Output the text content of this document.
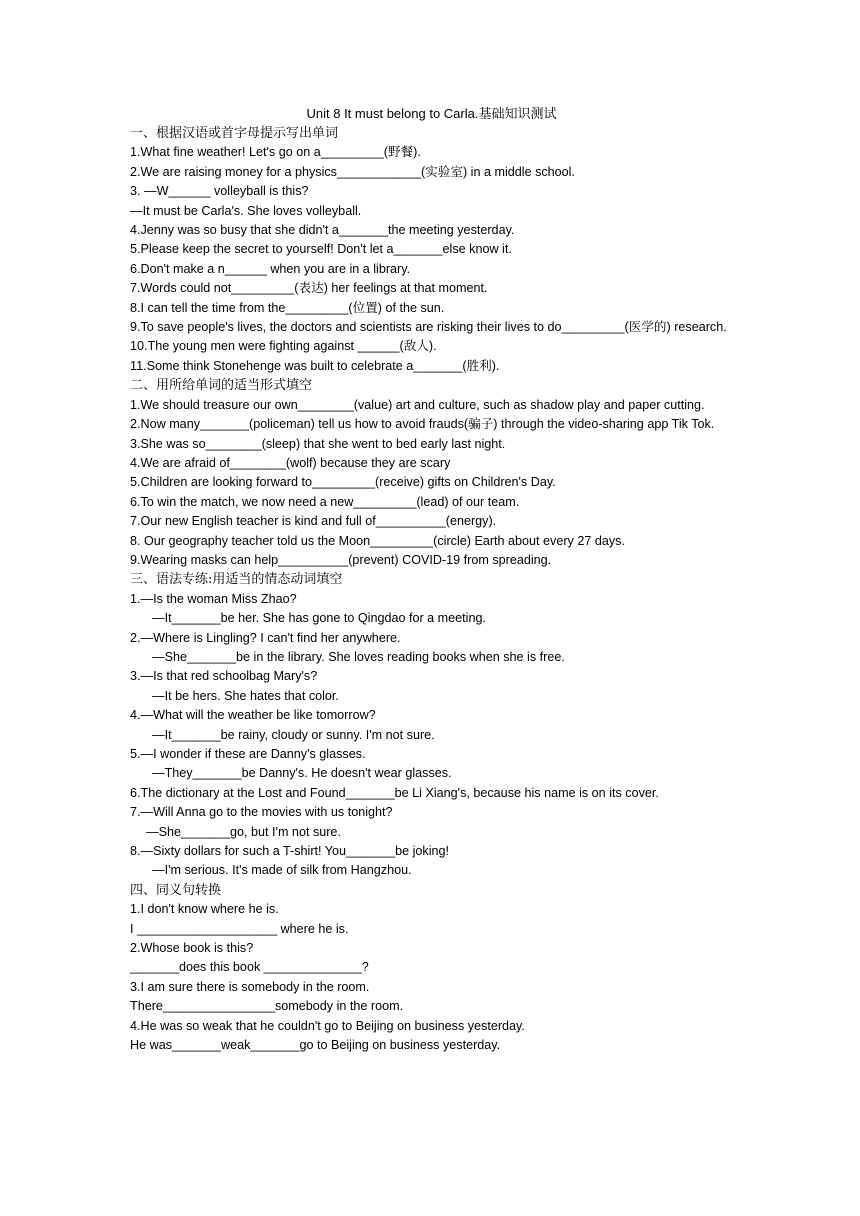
Unit 8 It must belong to Carla.基础知识测试
一、根据汉语或首字母提示写出单词
1.What fine weather! Let's go on a_________(野餐).
2.We are raising money for a physics____________(实验室) in a middle school.
3. —W______ volleyball is this?
—It must be Carla's. She loves volleyball.
4.Jenny was so busy that she didn't a_______the meeting yesterday.
5.Please keep the secret to yourself! Don't let a_______else know it.
6.Don't make a n______ when you are in a library.
7.Words could not_________(表达) her feelings at that moment.
8.I can tell the time from the_________(位置) of the sun.
9.To save people's lives, the doctors and scientists are risking their lives to do_________(医学的) research.
10.The young men were fighting against ______(敌人).
11.Some think Stonehenge was built to celebrate a_______(胜利).
二、用所给单词的适当形式填空
1.We should treasure our own________(value) art and culture, such as shadow play and paper cutting.
2.Now many_______(policeman) tell us how to avoid frauds(骗子) through the video-sharing app Tik Tok.
3.She was so________(sleep) that she went to bed early last night.
4.We are afraid of________(wolf) because they are scary
5.Children are looking forward to_________(receive) gifts on Children's Day.
6.To win the match, we now need a new_________(lead) of our team.
7.Our new English teacher is kind and full of__________(energy).
8. Our geography teacher told us the Moon_________(circle) Earth about every 27 days.
9.Wearing masks can help__________(prevent) COVID-19 from spreading.
三、语法专练:用适当的情态动词填空
1.—Is the woman Miss Zhao?
—It_______be her. She has gone to Qingdao for a meeting.
2.—Where is Lingling? I can't find her anywhere.
—She_______be in the library. She loves reading books when she is free.
3.—Is that red schoolbag Mary's?
—It be hers. She hates that color.
4.—What will the weather be like tomorrow?
—It_______be rainy, cloudy or sunny. I'm not sure.
5.—I wonder if these are Danny's glasses.
—They_______be Danny's. He doesn't wear glasses.
6.The dictionary at the Lost and Found_______be Li Xiang's, because his name is on its cover.
7.—Will Anna go to the movies with us tonight?
—She_______go, but I'm not sure.
8.—Sixty dollars for such a T-shirt! You_______be joking!
—I'm serious. It's made of silk from Hangzhou.
四、同义句转换
1.I don't know where he is.
I ____________________ where he is.
2.Whose book is this?
_______does this book ______________?
3.I am sure there is somebody in the room.
There________________somebody in the room.
4.He was so weak that he couldn't go to Beijing on business yesterday.
He was_______weak_______go to Beijing on business yesterday.
